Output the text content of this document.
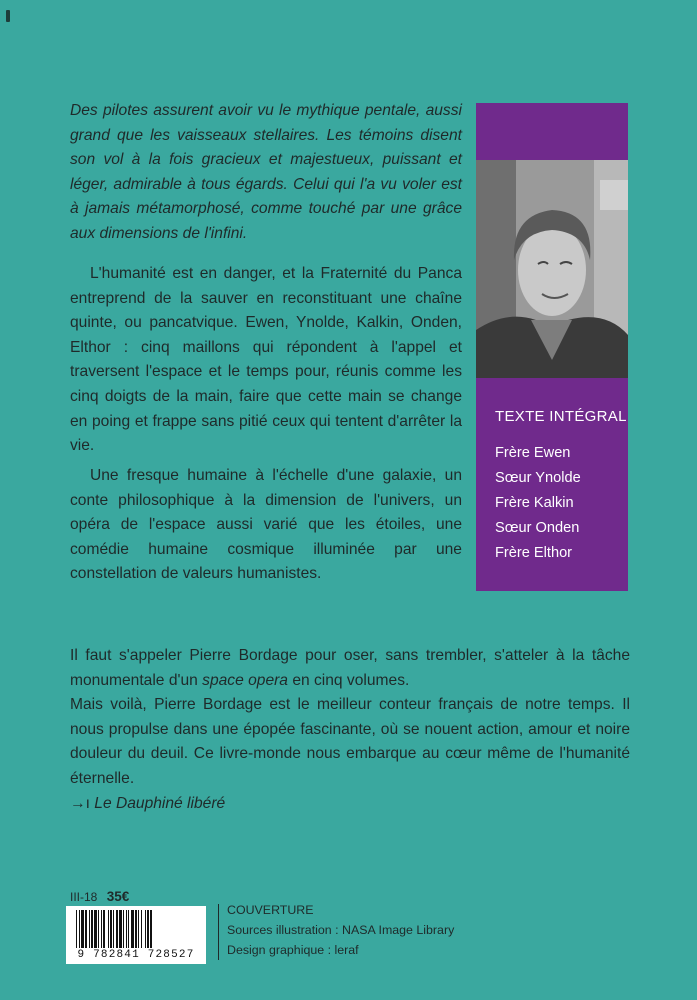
Des pilotes assurent avoir vu le mythique pentale, aussi grand que les vaisseaux stellaires. Les témoins disent son vol à la fois gracieux et majestueux, puissant et léger, admirable à tous égards. Celui qui l'a vu voler est à jamais métamorphosé, comme touché par une grâce aux dimensions de l'infini.
L'humanité est en danger, et la Fraternité du Panca entreprend de la sauver en reconstituant une chaîne quinte, ou pancatvique. Ewen, Ynolde, Kalkin, Onden, Elthor : cinq maillons qui répondent à l'appel et traversent l'espace et le temps pour, réunis comme les cinq doigts de la main, faire que cette main se change en poing et frappe sans pitié ceux qui tentent d'arrêter la vie.
Une fresque humaine à l'échelle d'une galaxie, un conte philosophique à la dimension de l'univers, un opéra de l'espace aussi varié que les étoiles, une comédie humaine cosmique illuminée par une constellation de valeurs humanistes.
TEXTE INTÉGRAL
Frère Ewen
Sœur Ynolde
Frère Kalkin
Sœur Onden
Frère Elthor

Il faut s'appeler Pierre Bordage pour oser, sans trembler, s'atteler à la tâche monumentale d'un space opera en cinq volumes.

Mais voilà, Pierre Bordage est le meilleur conteur français de notre temps. Il nous propulse dans une épopée fascinante, où se nouent action, amour et noire douleur du deuil. Ce livre-monde nous embarque au cœur même de l'humanité éternelle.

→ı Le Dauphiné libéré

III-18 35€
9 782841 728527
COUVERTURE
Sources illustration : NASA Image Library
Design graphique : leraf
